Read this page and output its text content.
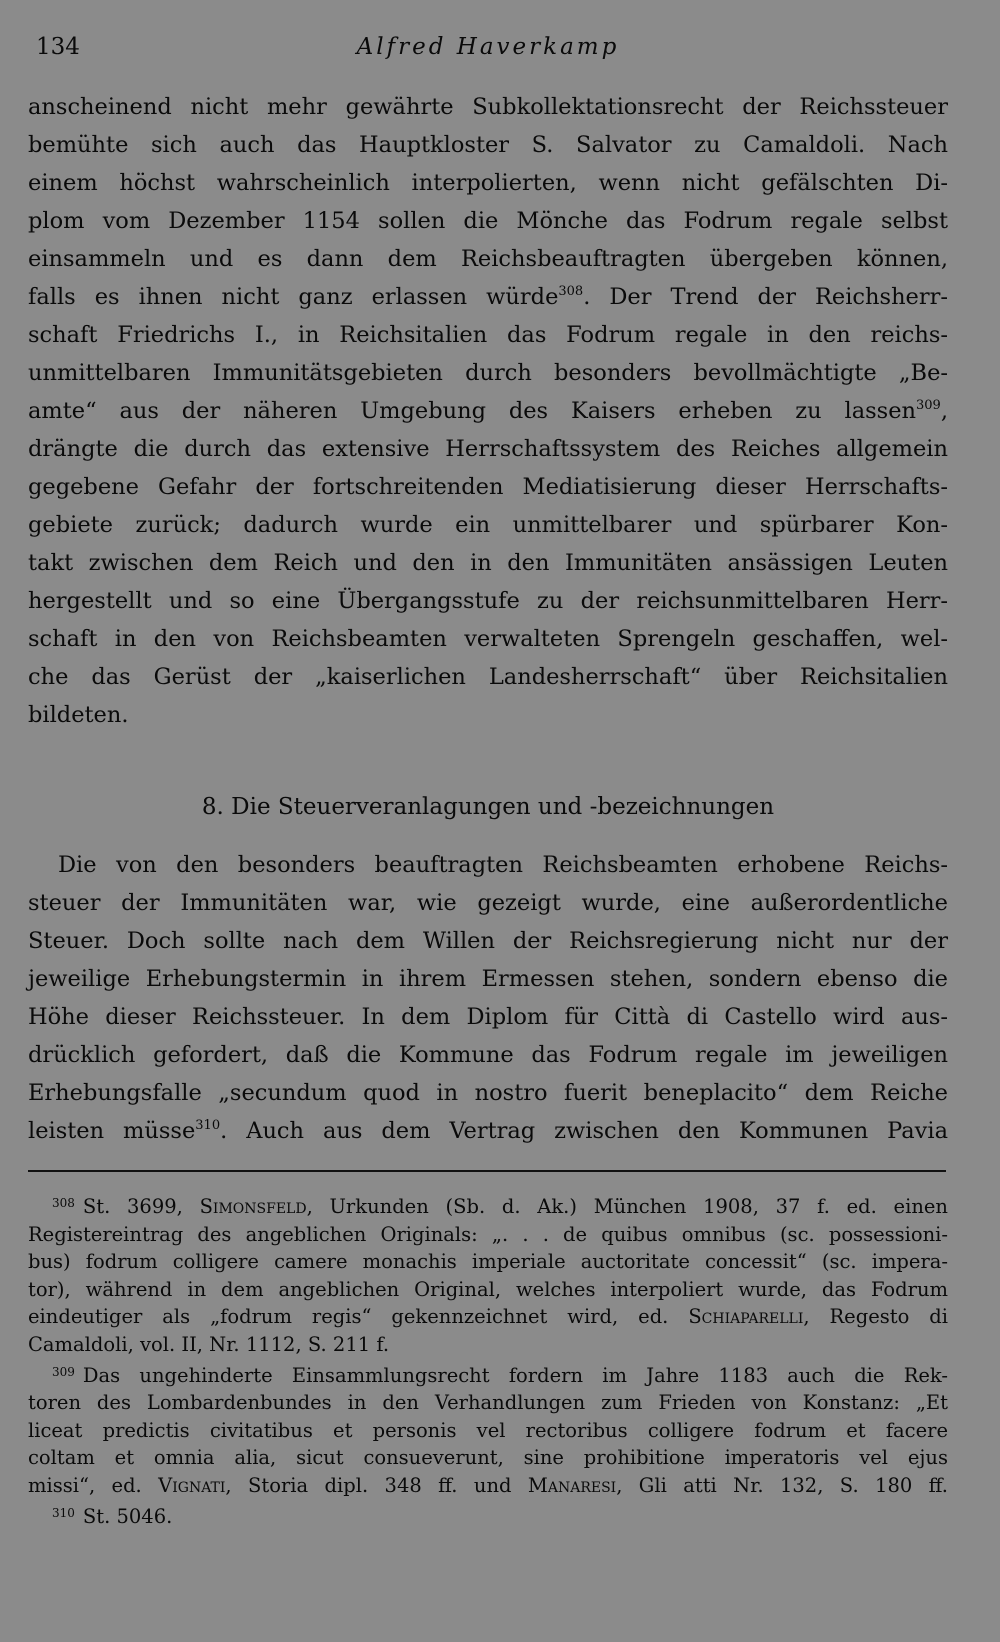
134	Alfred Haverkamp
anscheinend nicht mehr gewährte Subkollektationsrecht der Reichssteuer
bemühte sich auch das Hauptkloster S. Salvator zu Camaldoli. Nach
einem höchst wahrscheinlich interpolierten, wenn nicht gefälschten Di-
plom vom Dezember 1154 sollen die Mönche das Fodrum regale selbst
einsammeln und es dann dem Reichsbeauftragten übergeben können,
falls es ihnen nicht ganz erlassen würde$^{308}$. Der Trend der Reichsherr-
schaft Friedrichs I., in Reichsitalien das Fodrum regale in den reichs-
unmittelbaren Immunitätsgebieten durch besonders bevollmächtigte „Be-
amte“ aus der näheren Umgebung des Kaisers erheben zu lassen$^{309}$,
drängte die durch das extensive Herrschaftssystem des Reiches allgemein
gegebene Gefahr der fortschreitenden Mediatisierung dieser Herrschafts-
gebiete zurück; dadurch wurde ein unmittelbarer und spürbarer Kon-
takt zwischen dem Reich und den in den Immunitäten ansässigen Leuten
hergestellt und so eine Übergangsstufe zu der reichsunmittelbaren Herr-
schaft in den von Reichsbeamten verwalteten Sprengeln geschaffen, wel-
che das Gerüst der „kaiserlichen Landesherrschaft“ über Reichsitalien
bildeten.
8. Die Steuerveranlagungen und -bezeichnungen
Die von den besonders beauftragten Reichsbeamten erhobene Reichs-
steuer der Immunitäten war, wie gezeigt wurde, eine außerordentliche
Steuer. Doch sollte nach dem Willen der Reichsregierung nicht nur der
jeweilige Erhebungstermin in ihrem Ermessen stehen, sondern ebenso die
Höhe dieser Reichssteuer. In dem Diplom für Città di Castello wird aus-
drücklich gefordert, daß die Kommune das Fodrum regale im jeweiligen
Erhebungsfalle „secundum quod in nostro fuerit beneplacito“ dem Reiche
leisten müsse$^{310}$. Auch aus dem Vertrag zwischen den Kommunen Pavia
$^{308}$ St. 3699, Simonsfeld, Urkunden (Sb. d. Ak.) München 1908, 37 f. ed. einen
Registereintrag des angeblichen Originals: „. . . de quibus omnibus (sc. possessioni-
bus) fodrum colligere camere monachis imperiale auctoritate concessit“ (sc. impera-
tor), während in dem angeblichen Original, welches interpoliert wurde, das Fodrum
eindeutiger als „fodrum regis“ gekennzeichnet wird, ed. Schiaparelli, Regesto di
Camaldoli, vol. II, Nr. 1112, S. 211 f.
$^{309}$ Das ungehinderte Einsammlungsrecht fordern im Jahre 1183 auch die Rek-
toren des Lombardenbundes in den Verhandlungen zum Frieden von Konstanz: „Et
liceat predictis civitatibus et personis vel rectoribus colligere fodrum et facere
coltam et omnia alia, sicut consueverunt, sine prohibitione imperatoris vel ejus
missi“, ed. Vignati, Storia dipl. 348 ff. und Manaresi, Gli atti Nr. 132, S. 180 ff.
$^{310}$ St. 5046.
